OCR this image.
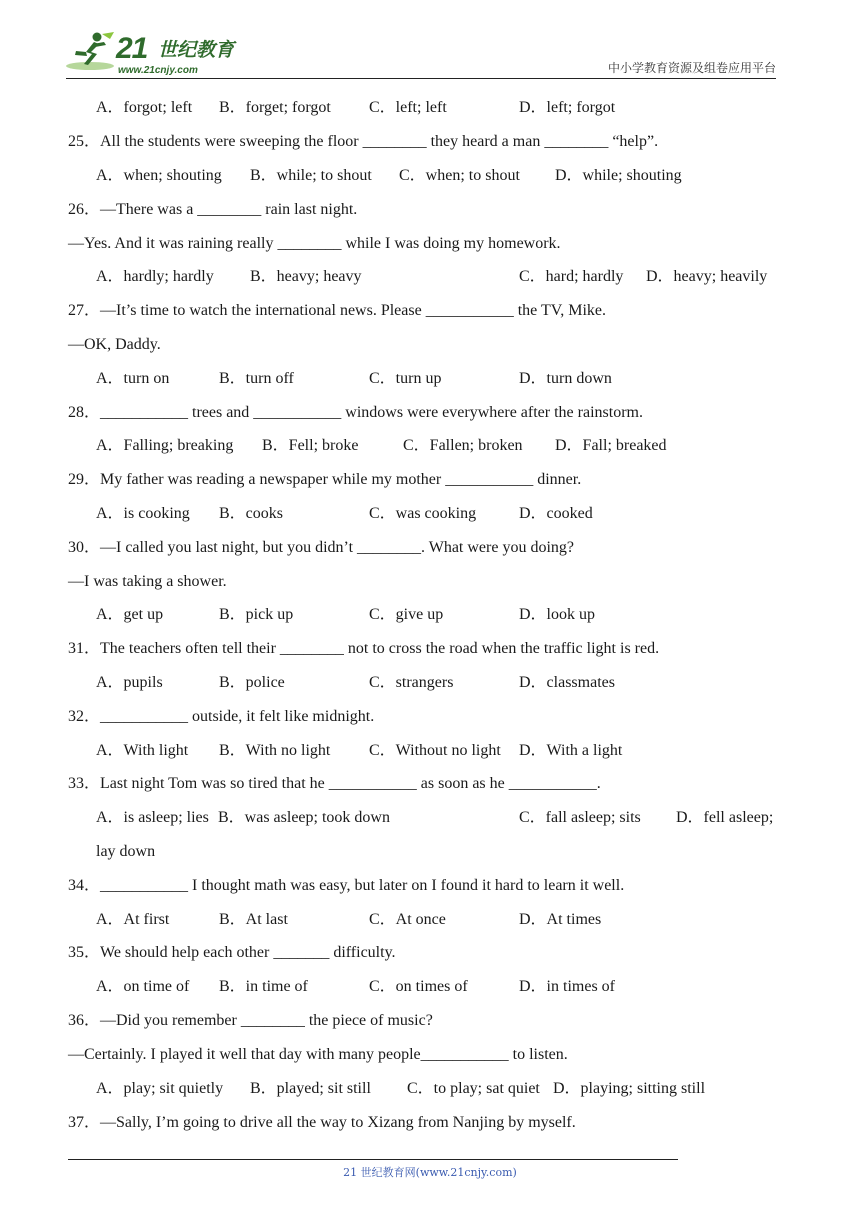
21 世纪教育
www.21cnjy.com	中小学教育资源及组卷应用平台
A．forgot; left B．forget; forgot C．left; left	D．left; forgot
25．All the students were sweeping the floor ________ they heard a man ________ “help”.
A．when; shouting B．while; to shout C．when; to shout D．while; shouting
26．—There was a ________ rain last night.
—Yes. And it was raining really ________ while I was doing my homework.
A．hardly; hardly B．heavy; heavy	C．hard; hardly D．heavy; heavily
27．—It’s time to watch the international news. Please ___________ the TV, Mike.
—OK, Daddy.
A．turn on	B．turn off	C．turn up	D．turn down
28．___________ trees and ___________ windows were everywhere after the rainstorm.
A．Falling; breaking B．Fell; broke	C．Fallen; broken D．Fall; breaked
29．My father was reading a newspaper while my mother ___________ dinner.
A．is cooking B．cooks	C．was cooking	D．cooked
30．—I called you last night, but you didn’t ________. What were you doing?
—I was taking a shower.
A．get up	B．pick up	C．give up	D．look up
31．The teachers often tell their ________ not to cross the road when the traffic light is red.
A．pupils	B．police	C．strangers	D．classmates
32．___________ outside, it felt like midnight.
A．With light B．With no light C．Without no light D．With a light
33．Last night Tom was so tired that he ___________ as soon as he ___________.
A．is asleep; lies B．was asleep; took down	C．fall asleep; sits D．fell asleep;
lay down
34．___________ I thought math was easy, but later on I found it hard to learn it well.
A．At first	B．At last	C．At once	D．At times
35．We should help each other _______ difficulty.
A．on time of B．in time of	C．on times of	D．in times of
36．—Did you remember ________ the piece of music?
—Certainly. I played it well that day with many people___________ to listen.
A．play; sit quietly B．played; sit still C．to play; sat quiet D．playing; sitting still
37．—Sally, I’m going to drive all the way to Xizang from Nanjing by myself.
21 世纪教育网(www.21cnjy.com)
